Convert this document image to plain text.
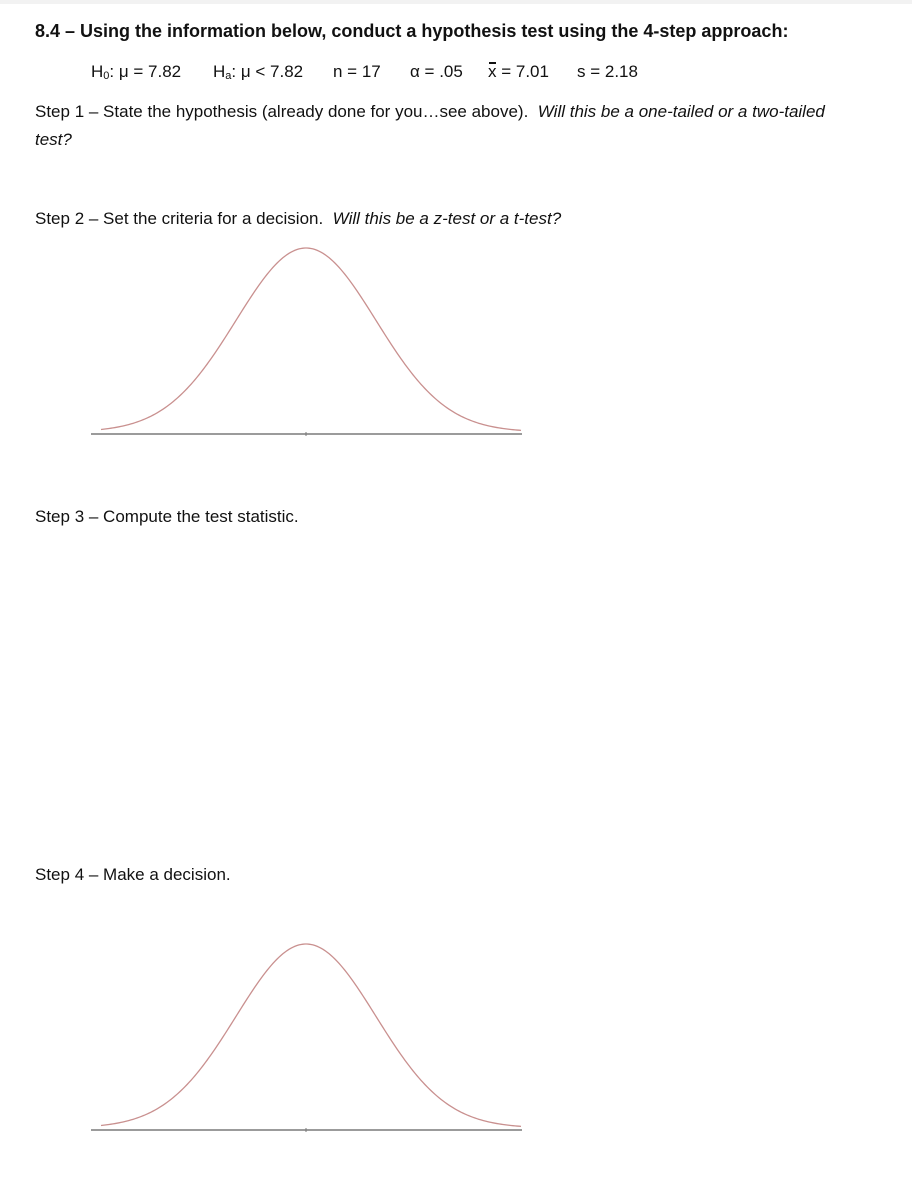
8.4 – Using the information below, conduct a hypothesis test using the 4-step approach:
$H_0$: μ = 7.82 $H_a$: μ < 7.82 n = 17 α = .05 x = 7.01 s = 2.18
Step 1 – State the hypothesis (already done for you…see above). Will this be a one-tailed or a two-tailed test?
Step 2 – Set the criteria for a decision. Will this be a z-test or a t-test?
Step 3 – Compute the test statistic.
Step 4 – Make a decision.
